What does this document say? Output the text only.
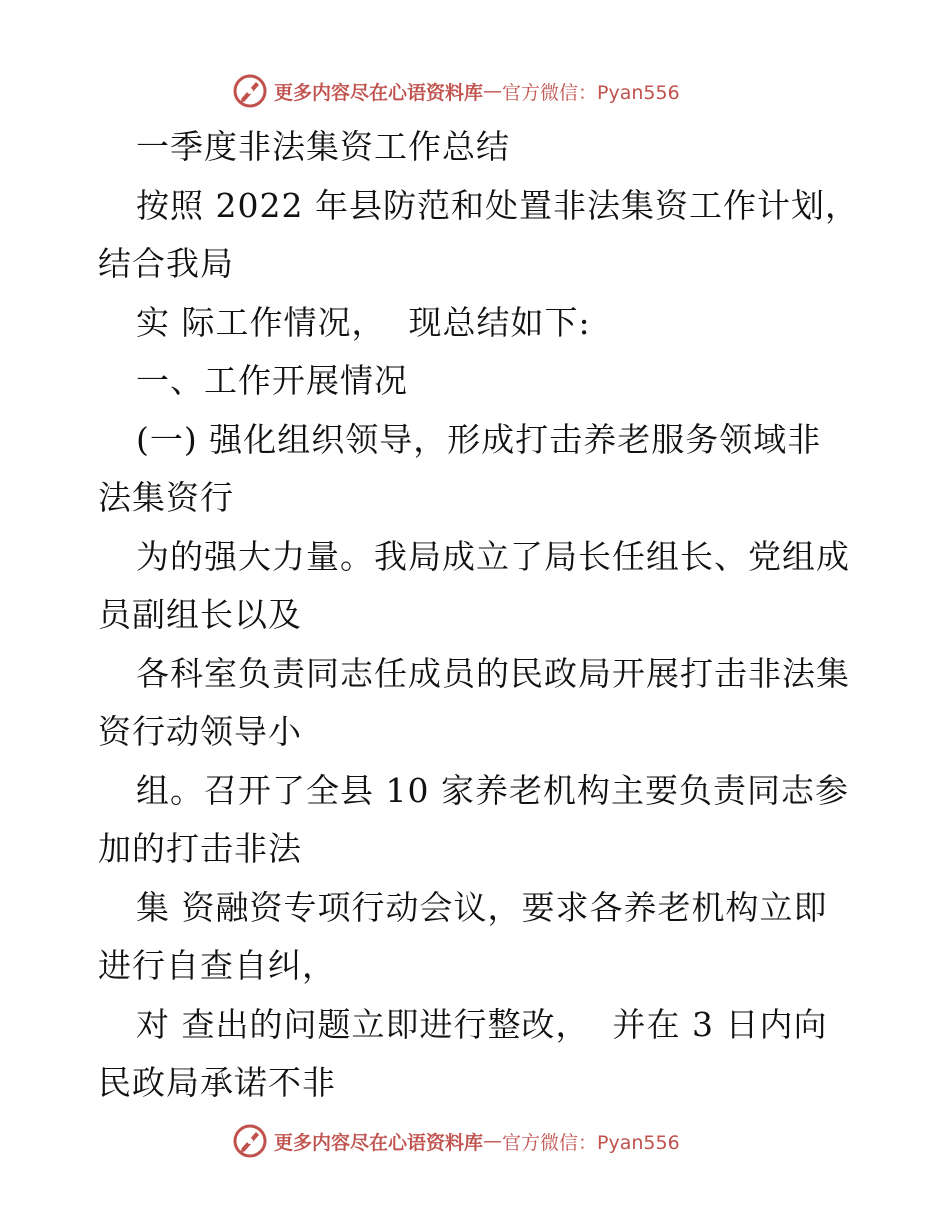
更多内容尽在心语资料库 — 官方微信：Pyan556
一季度非法集资工作总结
按照 2022 年县防范和处置非法集资工作计划，
结合我局
实 际工作情况，  现总结如下:
一、工作开展情况
(一) 强化组织领导，形成打击养老服务领域非
法集资行
为的强大力量。我局成立了局长任组长、党组成
员副组长以及
各科室负责同志任成员的民政局开展打击非法集
资行动领导小
组。召开了全县 10 家养老机构主要负责同志参
加的打击非法
集 资融资专项行动会议，要求各养老机构立即
进行自查自纠，
对 查出的问题立即进行整改，  并在 3 日内向
民政局承诺不非
更多内容尽在心语资料库 — 官方微信：Pyan556
